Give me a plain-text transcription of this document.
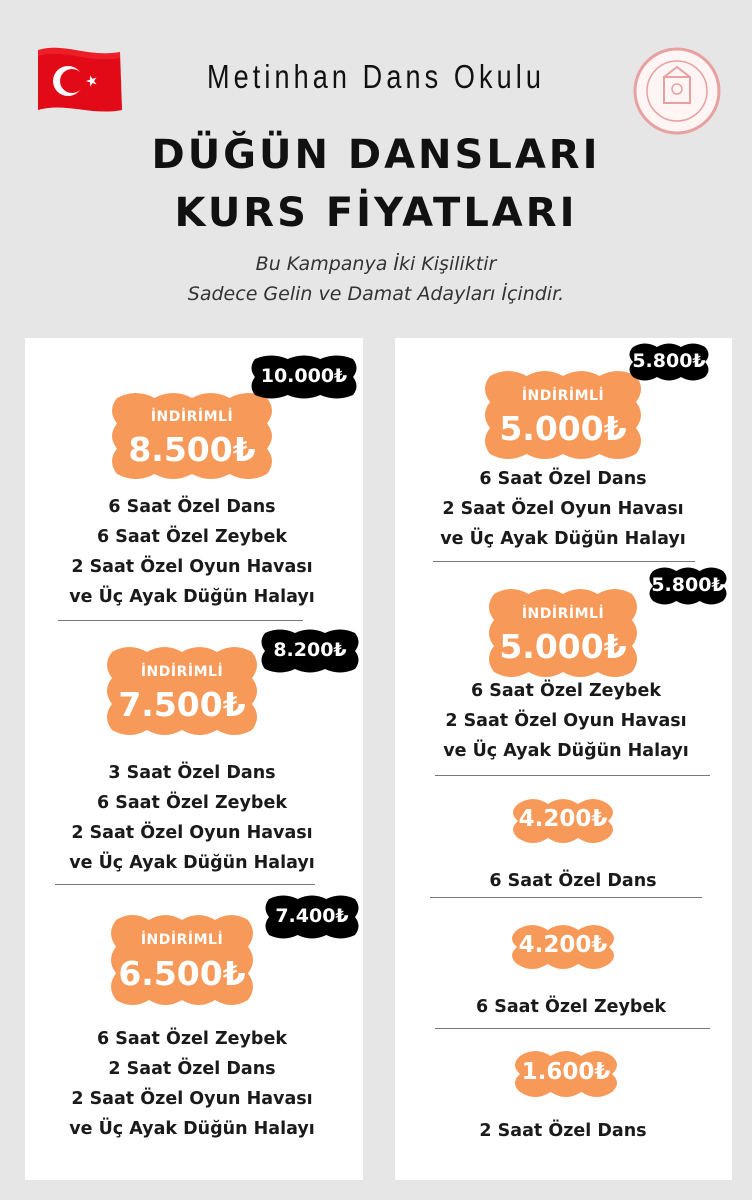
Metinhan Dans Okulu
DÜĞÜN DANSLARI
KURS FİYATLARI
Bu Kampanya İki Kişiliktir
Sadece Gelin ve Damat Adayları İçindir.
İNDİRİMLİ
8.500₺
10.000₺
6 Saat Özel Dans
6 Saat Özel Zeybek
2 Saat Özel Oyun Havası
ve Üç Ayak Düğün Halayı
İNDİRİMLİ
7.500₺
8.200₺
3 Saat Özel Dans
6 Saat Özel Zeybek
2 Saat Özel Oyun Havası
ve Üç Ayak Düğün Halayı
İNDİRİMLİ
6.500₺
7.400₺
6 Saat Özel Zeybek
2 Saat Özel Dans
2 Saat Özel Oyun Havası
ve Üç Ayak Düğün Halayı
İNDİRİMLİ
5.000₺
5.800₺
6 Saat Özel Dans
2 Saat Özel Oyun Havası
ve Üç Ayak Düğün Halayı
İNDİRİMLİ
5.000₺
5.800₺
6 Saat Özel Zeybek
2 Saat Özel Oyun Havası
ve Üç Ayak Düğün Halayı
4.200₺
6 Saat Özel Dans
4.200₺
6 Saat Özel Zeybek
1.600₺
2 Saat Özel Dans
